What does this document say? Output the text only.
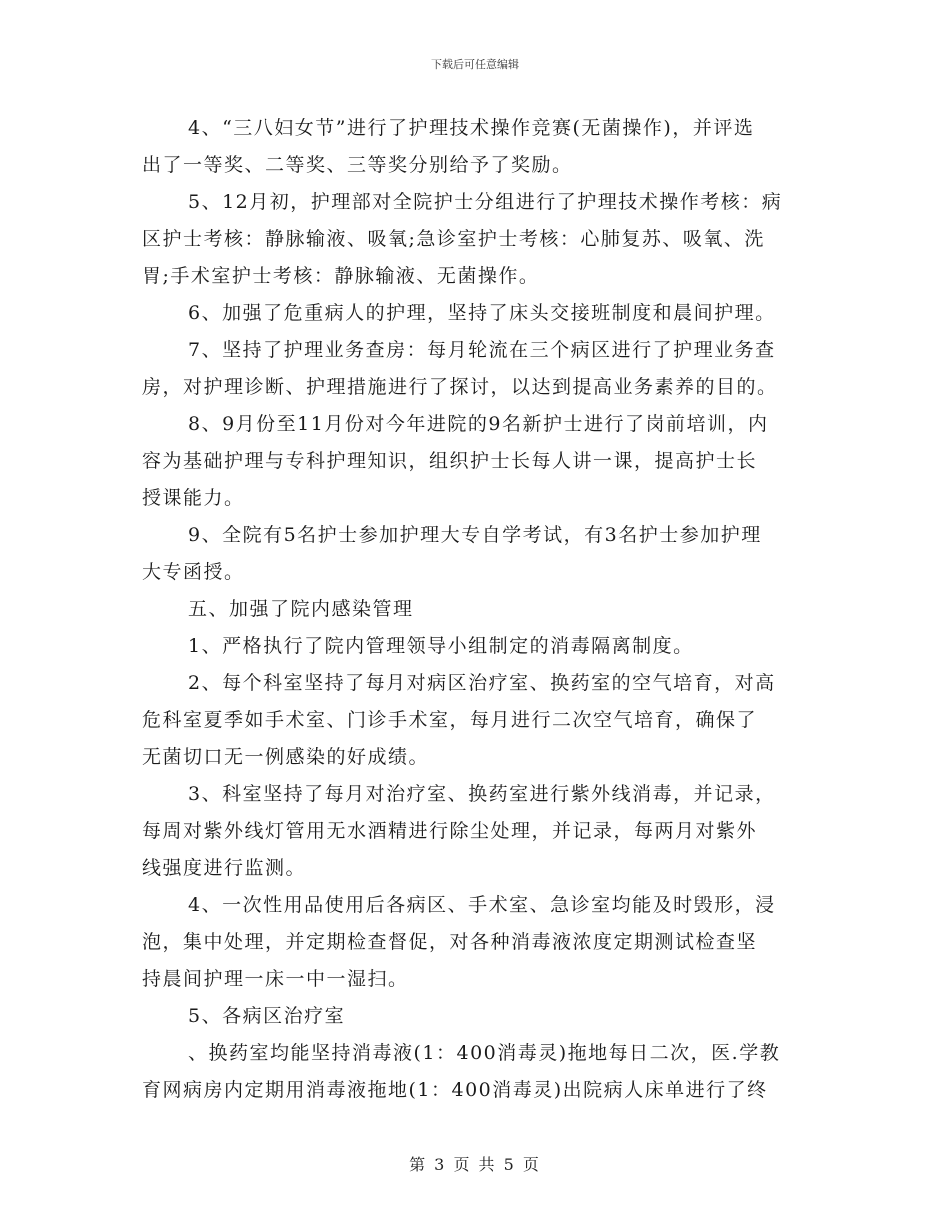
下载后可任意编辑
4、“三八妇女节”进行了护理技术操作竞赛(无菌操作)，并评选
出了一等奖、二等奖、三等奖分别给予了奖励。
5、12月初，护理部对全院护士分组进行了护理技术操作考核：病
区护士考核：静脉输液、吸氧;急诊室护士考核：心肺复苏、吸氧、洗
胃;手术室护士考核：静脉输液、无菌操作。
6、加强了危重病人的护理，坚持了床头交接班制度和晨间护理。
7、坚持了护理业务查房：每月轮流在三个病区进行了护理业务查
房，对护理诊断、护理措施进行了探讨，以达到提高业务素养的目的。
8、9月份至11月份对今年进院的9名新护士进行了岗前培训，内
容为基础护理与专科护理知识，组织护士长每人讲一课，提高护士长
授课能力。
9、全院有5名护士参加护理大专自学考试，有3名护士参加护理
大专函授。
五、加强了院内感染管理
1、严格执行了院内管理领导小组制定的消毒隔离制度。
2、每个科室坚持了每月对病区治疗室、换药室的空气培育，对高
危科室夏季如手术室、门诊手术室，每月进行二次空气培育，确保了
无菌切口无一例感染的好成绩。
3、科室坚持了每月对治疗室、换药室进行紫外线消毒，并记录，
每周对紫外线灯管用无水酒精进行除尘处理，并记录，每两月对紫外
线强度进行监测。
4、一次性用品使用后各病区、手术室、急诊室均能及时毁形，浸
泡，集中处理，并定期检查督促，对各种消毒液浓度定期测试检查坚
持晨间护理一床一中一湿扫。
5、各病区治疗室
、换药室均能坚持消毒液(1：400消毒灵)拖地每日二次，医.学教
育网病房内定期用消毒液拖地(1：400消毒灵)出院病人床单进行了终
第 3 页 共 5 页
